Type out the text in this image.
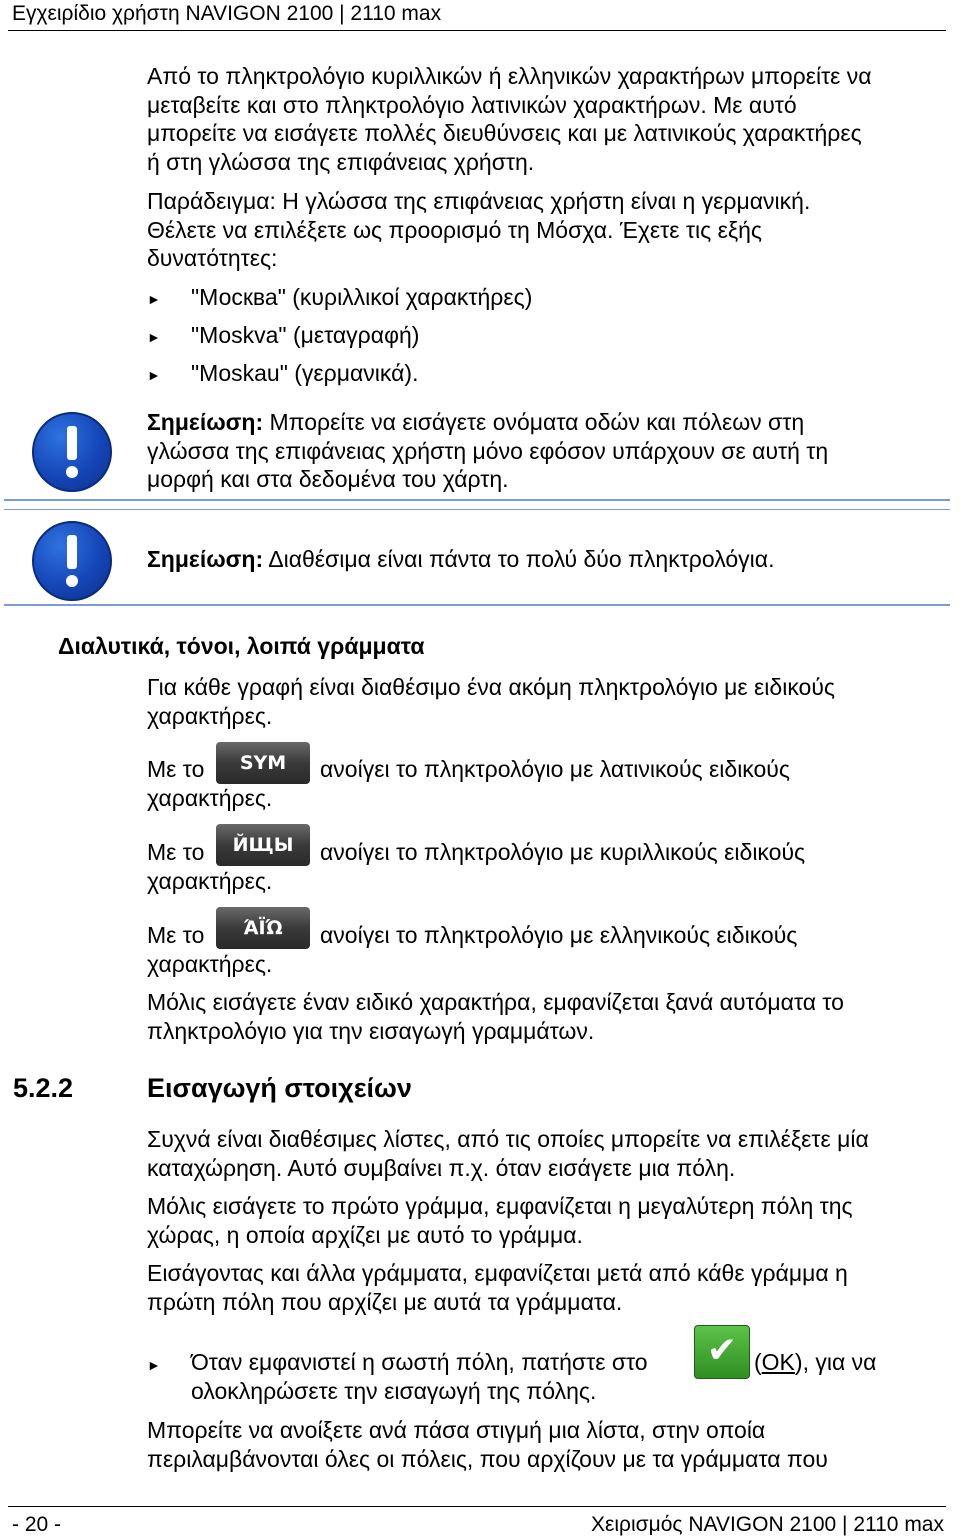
Εγχειρίδιο χρήστη NAVIGON 2100 | 2110 max
Από το πληκτρολόγιο κυριλλικών ή ελληνικών χαρακτήρων μπορείτε να
μεταβείτε και στο πληκτρολόγιο λατινικών χαρακτήρων. Με αυτό
μπορείτε να εισάγετε πολλές διευθύνσεις και με λατινικούς χαρακτήρες
ή στη γλώσσα της επιφάνειας χρήστη.
Παράδειγμα: Η γλώσσα της επιφάνειας χρήστη είναι η γερμανική.
Θέλετε να επιλέξετε ως προορισμό τη Μόσχα. Έχετε τις εξής
δυνατότητες:
► "Москва" (κυριλλικοί χαρακτήρες)
► "Moskva" (μεταγραφή)
► "Moskau" (γερμανικά).
Σημείωση: Μπορείτε να εισάγετε ονόματα οδών και πόλεων στη
γλώσσα της επιφάνειας χρήστη μόνο εφόσον υπάρχουν σε αυτή τη
μορφή και στα δεδομένα του χάρτη.
Σημείωση: Διαθέσιμα είναι πάντα το πολύ δύο πληκτρολόγια.
Διαλυτικά, τόνοι, λοιπά γράμματα
Για κάθε γραφή είναι διαθέσιμο ένα ακόμη πληκτρολόγιο με ειδικούς
χαρακτήρες.
Με το	SYM	ανοίγει το πληκτρολόγιο με λατινικούς ειδικούς
χαρακτήρες.
Με το	ЙЩЫ	ανοίγει το πληκτρολόγιο με κυριλλικούς ειδικούς
χαρακτήρες.
Με το	ΆΪΏ	ανοίγει το πληκτρολόγιο με ελληνικούς ειδικούς
χαρακτήρες.
Μόλις εισάγετε έναν ειδικό χαρακτήρα, εμφανίζεται ξανά αυτόματα το
πληκτρολόγιο για την εισαγωγή γραμμάτων.
5.2.2	Εισαγωγή στοιχείων
Συχνά είναι διαθέσιμες λίστες, από τις οποίες μπορείτε να επιλέξετε μία
καταχώρηση. Αυτό συμβαίνει π.χ. όταν εισάγετε μια πόλη.
Μόλις εισάγετε το πρώτο γράμμα, εμφανίζεται η μεγαλύτερη πόλη της
χώρας, η οποία αρχίζει με αυτό το γράμμα.
Εισάγοντας και άλλα γράμματα, εμφανίζεται μετά από κάθε γράμμα η
πρώτη πόλη που αρχίζει με αυτά τα γράμματα.
► Όταν εμφανιστεί η σωστή πόλη, πατήστε στο	✔ (OK), για να
ολοκληρώσετε την εισαγωγή της πόλης.
Μπορείτε να ανοίξετε ανά πάσα στιγμή μια λίστα, στην οποία
περιλαμβάνονται όλες οι πόλεις, που αρχίζουν με τα γράμματα που
- 20 -	Χειρισμός NAVIGON 2100 | 2110 max
